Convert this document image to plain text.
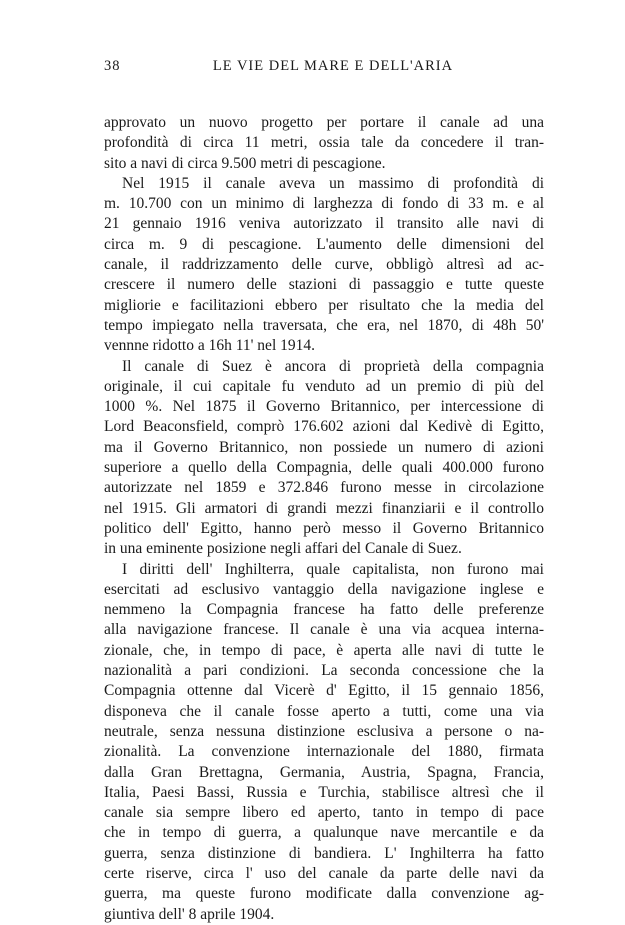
38	LE VIE DEL MARE E DELL'ARIA
approvato un nuovo progetto per portare il canale ad una
profondità di circa 11 metri, ossia tale da concedere il tran-
sito a navi di circa 9.500 metri di pescagione.
Nel 1915 il canale aveva un massimo di profondità di
m. 10.700 con un minimo di larghezza di fondo di 33 m. e al
21 gennaio 1916 veniva autorizzato il transito alle navi di
circa m. 9 di pescagione. L'aumento delle dimensioni del
canale, il raddrizzamento delle curve, obbligò altresì ad ac-
crescere il numero delle stazioni di passaggio e tutte queste
migliorie e facilitazioni ebbero per risultato che la media del
tempo impiegato nella traversata, che era, nel 1870, di 48h 50'
vennne ridotto a 16h 11' nel 1914.
Il canale di Suez è ancora di proprietà della compagnia
originale, il cui capitale fu venduto ad un premio di più del
1000 %. Nel 1875 il Governo Britannico, per intercessione di
Lord Beaconsfield, comprò 176.602 azioni dal Kedivè di Egitto,
ma il Governo Britannico, non possiede un numero di azioni
superiore a quello della Compagnia, delle quali 400.000 furono
autorizzate nel 1859 e 372.846 furono messe in circolazione
nel 1915. Gli armatori di grandi mezzi finanziarii e il controllo
politico dell' Egitto, hanno però messo il Governo Britannico
in una eminente posizione negli affari del Canale di Suez.
I diritti dell' Inghilterra, quale capitalista, non furono mai
esercitati ad esclusivo vantaggio della navigazione inglese e
nemmeno la Compagnia francese ha fatto delle preferenze
alla navigazione francese. Il canale è una via acquea interna-
zionale, che, in tempo di pace, è aperta alle navi di tutte le
nazionalità a pari condizioni. La seconda concessione che la
Compagnia ottenne dal Vicerè d' Egitto, il 15 gennaio 1856,
disponeva che il canale fosse aperto a tutti, come una via
neutrale, senza nessuna distinzione esclusiva a persone o na-
zionalità. La convenzione internazionale del 1880, firmata
dalla Gran Brettagna, Germania, Austria, Spagna, Francia,
Italia, Paesi Bassi, Russia e Turchia, stabilisce altresì che il
canale sia sempre libero ed aperto, tanto in tempo di pace
che in tempo di guerra, a qualunque nave mercantile e da
guerra, senza distinzione di bandiera. L' Inghilterra ha fatto
certe riserve, circa l' uso del canale da parte delle navi da
guerra, ma queste furono modificate dalla convenzione ag-
giuntiva dell' 8 aprile 1904.
